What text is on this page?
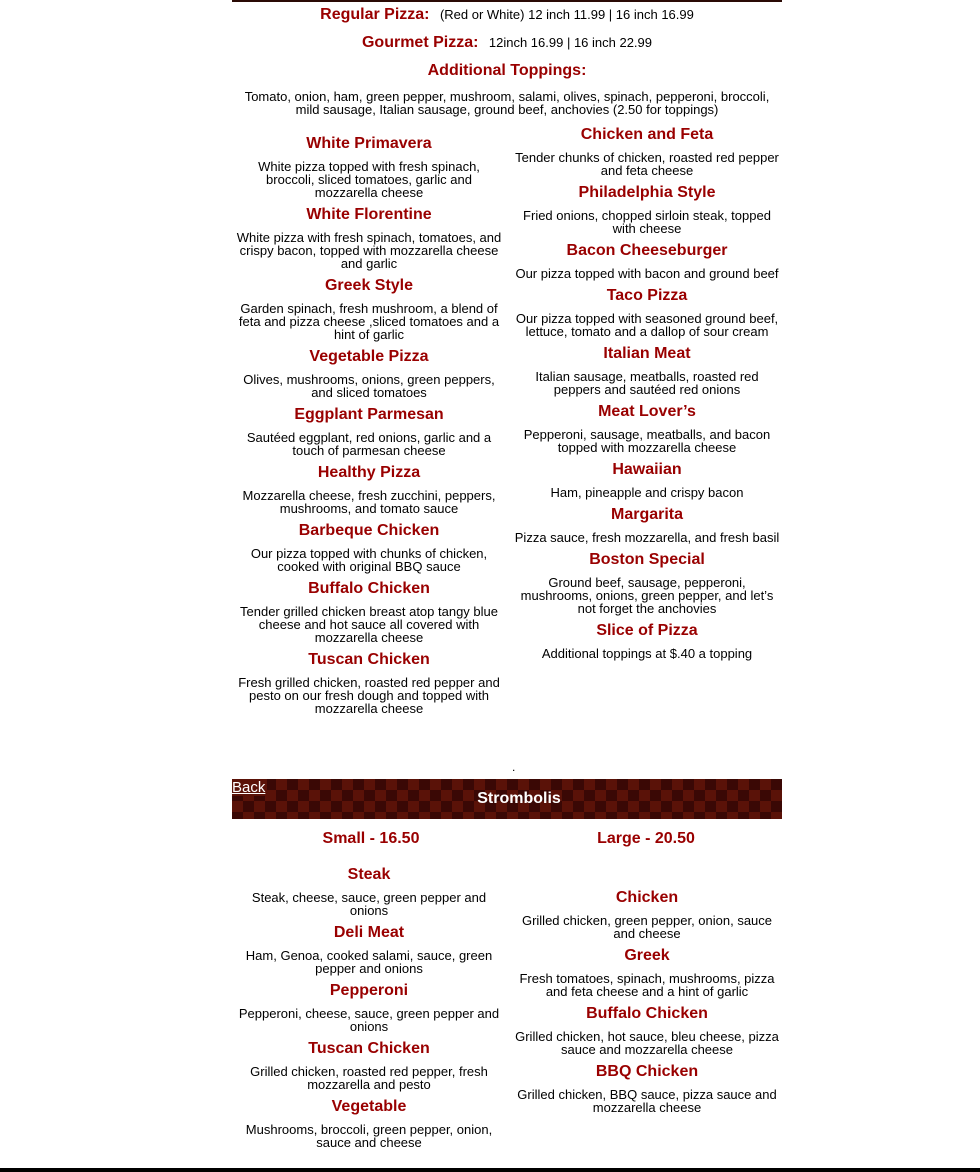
Regular Pizza: (Red or White) 12 inch 11.99 | 16 inch 16.99
Gourmet Pizza: 12inch 16.99 | 16 inch 22.99
Additional Toppings:
Tomato, onion, ham, green pepper, mushroom, salami, olives, spinach, pepperoni, broccoli, mild sausage, Italian sausage, ground beef, anchovies (2.50 for toppings)
White Primavera

White pizza topped with fresh spinach, broccoli, sliced tomatoes, garlic and mozzarella cheese

White Florentine

White pizza with fresh spinach, tomatoes, and crispy bacon, topped with mozzarella cheese and garlic

Greek Style

Garden spinach, fresh mushroom, a blend of feta and pizza cheese ,sliced tomatoes and a hint of garlic

Vegetable Pizza

Olives, mushrooms, onions, green peppers, and sliced tomatoes

Eggplant Parmesan

Sautéed eggplant, red onions, garlic and a touch of parmesan cheese

Healthy Pizza

Mozzarella cheese, fresh zucchini, peppers, mushrooms, and tomato sauce

Barbeque Chicken

Our pizza topped with chunks of chicken, cooked with original BBQ sauce

Buffalo Chicken

Tender grilled chicken breast atop tangy blue cheese and hot sauce all covered with mozzarella cheese

Tuscan Chicken

Fresh grilled chicken, roasted red pepper and pesto on our fresh dough and topped with mozzarella cheese

Chicken and Feta

Tender chunks of chicken, roasted red pepper and feta cheese

Philadelphia Style

Fried onions, chopped sirloin steak, topped with cheese

Bacon Cheeseburger

Our pizza topped with bacon and ground beef

Taco Pizza

Our pizza topped with seasoned ground beef, lettuce, tomato and a dallop of sour cream

Italian Meat

Italian sausage, meatballs, roasted red peppers and sautéed red onions

Meat Lover’s

Pepperoni, sausage, meatballs, and bacon topped with mozzarella cheese

Hawaiian

Ham, pineapple and crispy bacon

Margarita

Pizza sauce, fresh mozzarella, and fresh basil

Boston Special

Ground beef, sausage, pepperoni, mushrooms, onions, green pepper, and let’s not forget the anchovies

Slice of Pizza

Additional toppings at $.40 a topping

.
Strombolis
Back
Small - 16.50	Large - 20.50
Steak

Steak, cheese, sauce, green pepper and onions

Deli Meat

Ham, Genoa, cooked salami, sauce, green pepper and onions

Pepperoni

Pepperoni, cheese, sauce, green pepper and onions

Tuscan Chicken

Grilled chicken, roasted red pepper, fresh mozzarella and pesto

Vegetable

Mushrooms, broccoli, green pepper, onion, sauce and cheese

Chicken

Grilled chicken, green pepper, onion, sauce and cheese

Greek

Fresh tomatoes, spinach, mushrooms, pizza and feta cheese and a hint of garlic

Buffalo Chicken

Grilled chicken, hot sauce, bleu cheese, pizza sauce and mozzarella cheese

BBQ Chicken

Grilled chicken, BBQ sauce, pizza sauce and mozzarella cheese
